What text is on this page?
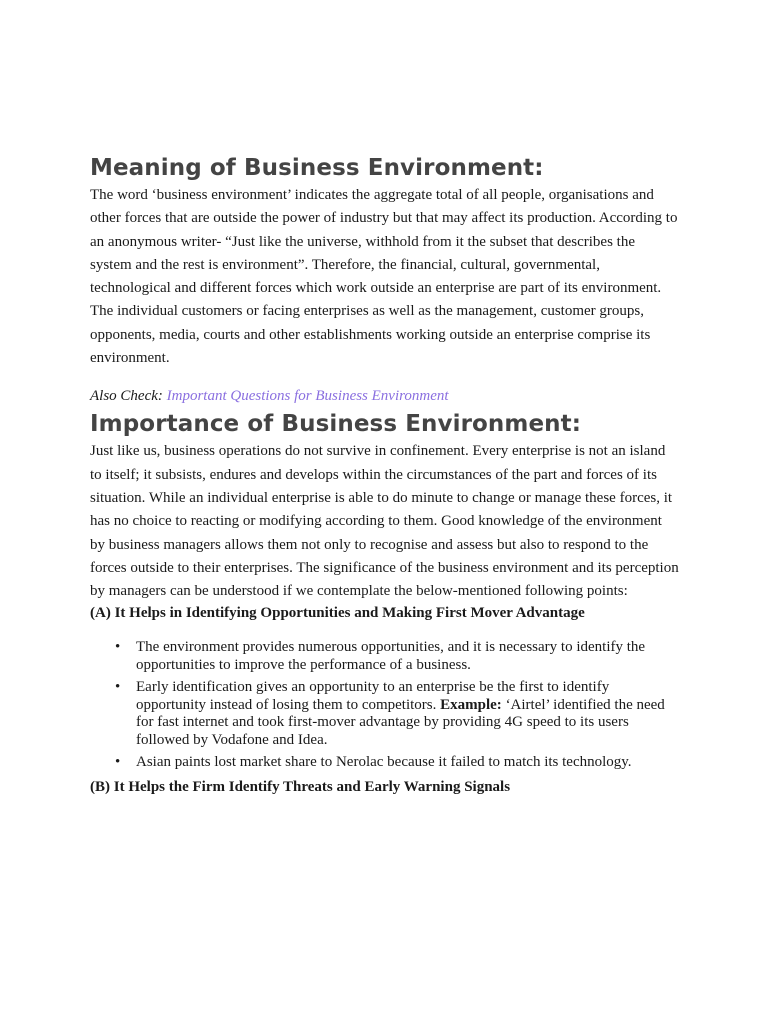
Meaning of Business Environment:

The word ‘business environment’ indicates the aggregate total of all people, organisations and other forces that are outside the power of industry but that may affect its production. According to an anonymous writer- “Just like the universe, withhold from it the subset that describes the system and the rest is environment”. Therefore, the financial, cultural, governmental, technological and different forces which work outside an enterprise are part of its environment. The individual customers or facing enterprises as well as the management, customer groups, opponents, media, courts and other establishments working outside an enterprise comprise its environment.

Also Check: Important Questions for Business Environment

Importance of Business Environment:

Just like us, business operations do not survive in confinement. Every enterprise is not an island to itself; it subsists, endures and develops within the circumstances of the part and forces of its situation. While an individual enterprise is able to do minute to change or manage these forces, it has no choice to reacting or modifying according to them. Good knowledge of the environment by business managers allows them not only to recognise and assess but also to respond to the forces outside to their enterprises. The significance of the business environment and its perception by managers can be understood if we contemplate the below-mentioned following points:

(A) It Helps in Identifying Opportunities and Making First Mover Advantage
• The environment provides numerous opportunities, and it is necessary to identify the opportunities to improve the performance of a business.
• Early identification gives an opportunity to an enterprise be the first to identify opportunity instead of losing them to competitors. Example: ‘Airtel’ identified the need for fast internet and took first-mover advantage by providing 4G speed to its users followed by Vodafone and Idea.
• Asian paints lost market share to Nerolac because it failed to match its technology.
(B) It Helps the Firm Identify Threats and Early Warning Signals
